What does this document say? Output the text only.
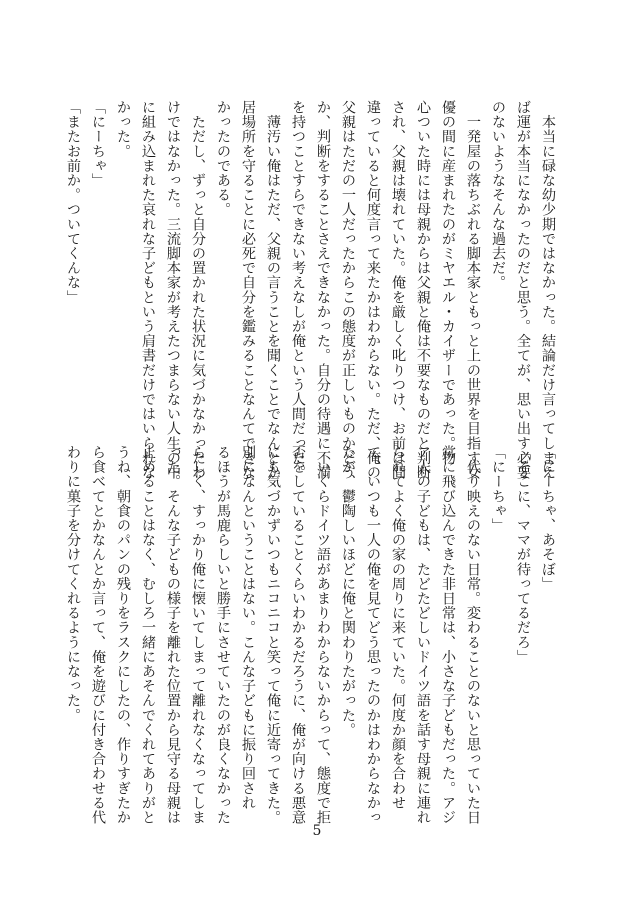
　本当に碌な幼少期ではなかった。結論だけ言ってしまえ
ば運が本当になかったのだと思う。全てが、思い出す必要
のないようなそんな過去だ。
　一発屋の落ちぶれる脚本家ともっと上の世界を目指す女
優の間に産まれたのがミヤエル・カイザーであった。物
心ついた時には母親からは父親と俺は不要なものだと判断
され、父親は壊れていた。俺を厳しく叱りつけ、お前は間
違っていると何度言って来たかはわからない。ただ、俺の
父親はただの一人だったからこの態度が正しいものかどう
か、判断をすることさえできなかった。自分の待遇に不満
を持つことすらできない考えなしが俺という人間だった。
　薄汚い俺はただ、父親の言うことを聞くことでなんとか
居場所を守ることに必死で自分を鑑みることなんてできな
かったのである。
　ただし、ずっと自分の置かれた状況に気づかなかったわ
けではなかった。三流脚本家が考えたつまらない人生の中
に組み込まれた哀れな子どもという肩書だけではいられな
かった。
「にーちゃ」
「またお前か。ついてくんな」
「にーちゃ、あそぼ」
「そこに、ママが待ってるだろ」
「にーちゃ」
　代り映えのない日常。変わることのないと思っていた日
常に飛び込んできた非日常は、小さな子どもだった。アジ
ア人の子どもは、たどたどしいドイツ語を話す母親に連れ
られてよく俺の家の周りに来ていた。何度か顔を合わせ
て、いつも一人の俺を見てどう思ったのかはわからなかっ
たが、鬱陶しいほどに俺と関わりたがった。
　いくらドイツ語があまりわからないからって、態度で拒
否をしていることくらいわかるだろうに、俺が向ける悪意
にも気づかずいつもニコニコと笑って俺に近寄ってきた。
別になんということはない。こんな子どもに振り回され
るほうが馬鹿らしいと勝手にさせていたのが良くなかった
らしく、すっかり俺に懐いてしまって離れなくなってしま
った。そんな子どもの様子を離れた位置から見守る母親は
止めることはなく、むしろ一緒にあそんでくれてありがと
うね、朝食のパンの残りをラスクにしたの、作りすぎたか
ら食べてとかなんとか言って、俺を遊びに付き合わせる代
わりに菓子を分けてくれるようになった。
5
